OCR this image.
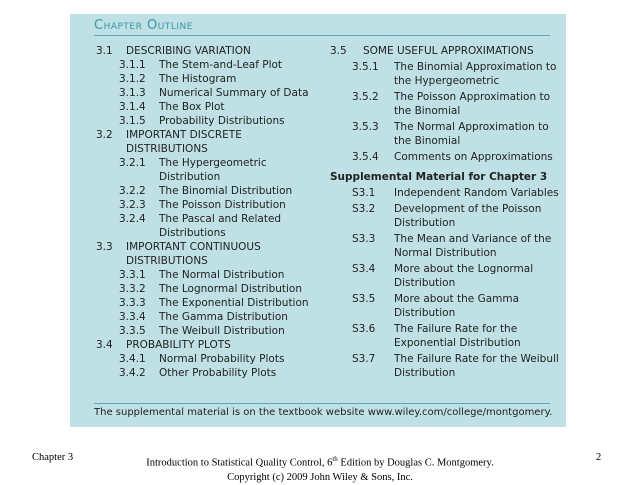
Chapter Outline
3.1	DESCRIBING VARIATION
3.1.1	The Stem-and-Leaf Plot
3.1.2	The Histogram
3.1.3	Numerical Summary of Data
3.1.4	The Box Plot
3.1.5	Probability Distributions
3.2	IMPORTANT DISCRETE DISTRIBUTIONS
3.2.1	The Hypergeometric Distribution
3.2.2	The Binomial Distribution
3.2.3	The Poisson Distribution
3.2.4	The Pascal and Related Distributions
3.3	IMPORTANT CONTINUOUS DISTRIBUTIONS
3.3.1	The Normal Distribution
3.3.2	The Lognormal Distribution
3.3.3	The Exponential Distribution
3.3.4	The Gamma Distribution
3.3.5	The Weibull Distribution
3.4	PROBABILITY PLOTS
3.4.1	Normal Probability Plots
3.4.2	Other Probability Plots
3.5	SOME USEFUL APPROXIMATIONS
3.5.1	The Binomial Approximation to the Hypergeometric
3.5.2	The Poisson Approximation to the Binomial
3.5.3	The Normal Approximation to the Binomial
3.5.4	Comments on Approximations
Supplemental Material for Chapter 3
S3.1	Independent Random Variables
S3.2	Development of the Poisson Distribution
S3.3	The Mean and Variance of the Normal Distribution
S3.4	More about the Lognormal Distribution
S3.5	More about the Gamma Distribution
S3.6	The Failure Rate for the Exponential Distribution
S3.7	The Failure Rate for the Weibull Distribution
The supplemental material is on the textbook website www.wiley.com/college/montgomery.
Chapter 3	Introduction to Statistical Quality Control, 6th Edition by Douglas C. Montgomery.
Copyright (c) 2009 John Wiley & Sons, Inc.
2
